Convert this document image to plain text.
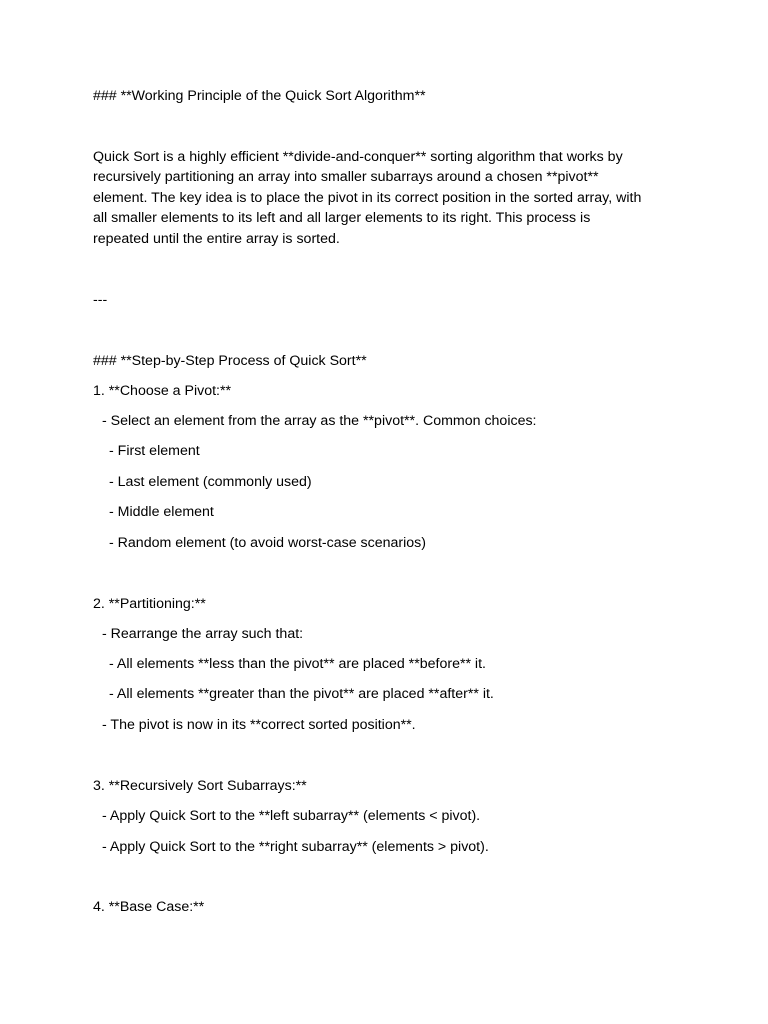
### **Working Principle of the Quick Sort Algorithm**
Quick Sort is a highly efficient **divide-and-conquer** sorting algorithm that works by
recursively partitioning an array into smaller subarrays around a chosen **pivot**
element. The key idea is to place the pivot in its correct position in the sorted array, with
all smaller elements to its left and all larger elements to its right. This process is
repeated until the entire array is sorted.
---
### **Step-by-Step Process of Quick Sort**
1. **Choose a Pivot:**
- Select an element from the array as the **pivot**. Common choices:
- First element
- Last element (commonly used)
- Middle element
- Random element (to avoid worst-case scenarios)
2. **Partitioning:**
- Rearrange the array such that:
- All elements **less than the pivot** are placed **before** it.
- All elements **greater than the pivot** are placed **after** it.
- The pivot is now in its **correct sorted position**.
3. **Recursively Sort Subarrays:**
- Apply Quick Sort to the **left subarray** (elements < pivot).
- Apply Quick Sort to the **right subarray** (elements > pivot).
4. **Base Case:**
